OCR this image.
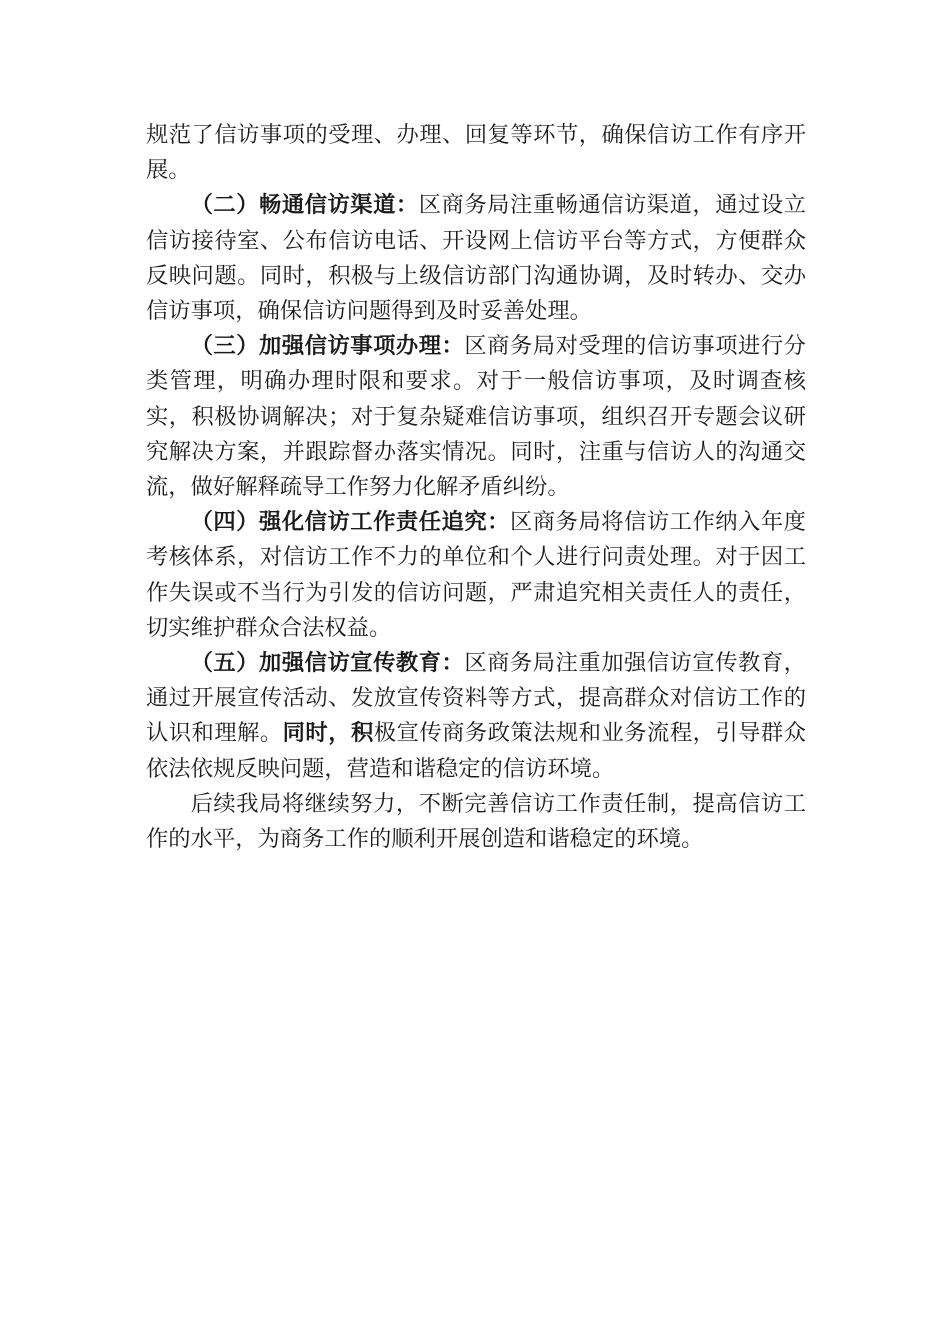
规范了信访事项的受理、办理、回复等环节，确保信访工作有序开展。

（二）畅通信访渠道：区商务局注重畅通信访渠道，通过设立信访接待室、公布信访电话、开设网上信访平台等方式，方便群众反映问题。同时，积极与上级信访部门沟通协调，及时转办、交办信访事项，确保信访问题得到及时妥善处理。

（三）加强信访事项办理：区商务局对受理的信访事项进行分类管理，明确办理时限和要求。对于一般信访事项，及时调查核实，积极协调解决；对于复杂疑难信访事项，组织召开专题会议研究解决方案，并跟踪督办落实情况。同时，注重与信访人的沟通交流，做好解释疏导工作努力化解矛盾纠纷。

（四）强化信访工作责任追究：区商务局将信访工作纳入年度考核体系，对信访工作不力的单位和个人进行问责处理。对于因工作失误或不当行为引发的信访问题，严肃追究相关责任人的责任，切实维护群众合法权益。

（五）加强信访宣传教育：区商务局注重加强信访宣传教育，通过开展宣传活动、发放宣传资料等方式，提高群众对信访工作的认识和理解。同时，积极宣传商务政策法规和业务流程，引导群众依法依规反映问题，营造和谐稳定的信访环境。

后续我局将继续努力，不断完善信访工作责任制，提高信访工作的水平，为商务工作的顺利开展创造和谐稳定的环境。
